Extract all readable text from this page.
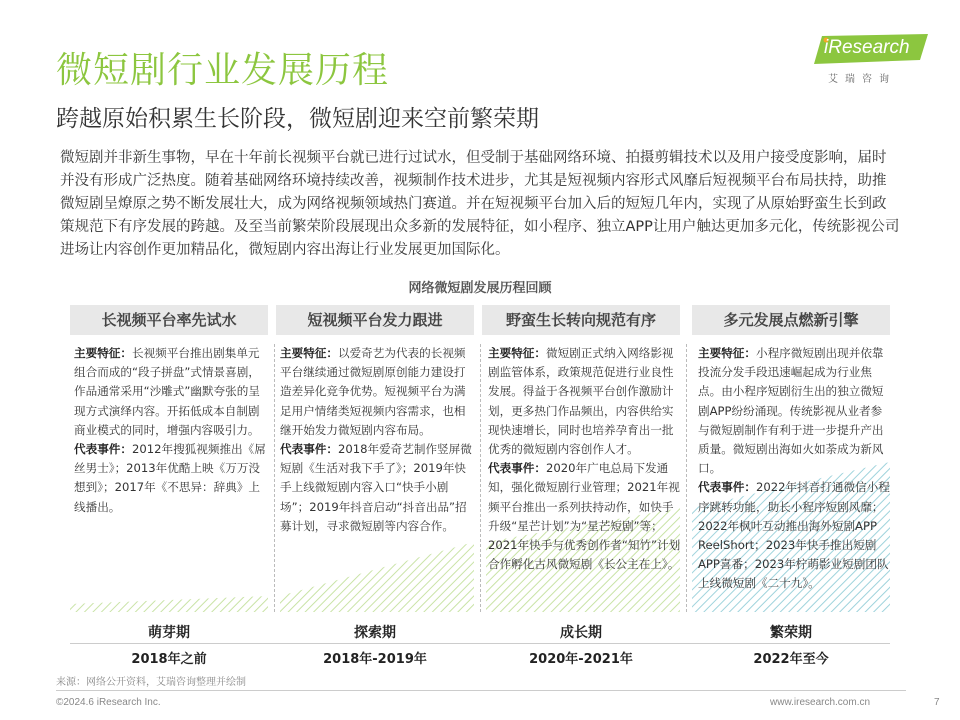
微短剧行业发展历程
跨越原始积累生长阶段，微短剧迎来空前繁荣期
iResearch
艾瑞咨询

微短剧并非新生事物，早在十年前长视频平台就已进行过试水，但受制于基础网络环境、拍摄剪辑技术以及用户接受度影响，届时并没有形成广泛热度。随着基础网络环境持续改善，视频制作技术进步，尤其是短视频内容形式风靡后短视频平台布局扶持，助推微短剧呈燎原之势不断发展壮大，成为网络视频领域热门赛道。并在短视频平台加入后的短短几年内，实现了从原始野蛮生长到政策规范下有序发展的跨越。及至当前繁荣阶段展现出众多新的发展特征，如小程序、独立APP让用户触达更加多元化，传统影视公司进场让内容创作更加精品化，微短剧内容出海让行业发展更加国际化。

网络微短剧发展历程回顾
长视频平台率先试水	短视频平台发力跟进	野蛮生长转向规范有序	多元发展点燃新引擎

主要特征：长视频平台推出剧集单元组合而成的“段子拼盘”式情景喜剧，作品通常采用“沙雕式”幽默夸张的呈现方式演绎内容。开拓低成本自制剧商业模式的同时，增强内容吸引力。

代表事件：2012年搜狐视频推出《屌丝男士》；2013年优酷上映《万万没想到》；2017年《不思异：辞典》上线播出。

主要特征：以爱奇艺为代表的长视频平台继续通过微短剧原创能力建设打造差异化竞争优势。短视频平台为满足用户情绪类短视频内容需求，也相继开始发力微短剧内容布局。

代表事件：2018年爱奇艺制作竖屏微短剧《生活对我下手了》；2019年快手上线微短剧内容入口“快手小剧场”；2019年抖音启动“抖音出品”招募计划，寻求微短剧等内容合作。

主要特征：微短剧正式纳入网络影视剧监管体系，政策规范促进行业良性发展。得益于各视频平台创作激励计划，更多热门作品频出，内容供给实现快速增长，同时也培养孕育出一批优秀的微短剧内容创作人才。

代表事件：2020年广电总局下发通知，强化微短剧行业管理；2021年视频平台推出一系列扶持动作，如快手升级“星芒计划”为“星芒短剧”等；2021年快手与优秀创作者“知竹”计划合作孵化古风微短剧《长公主在上》。

主要特征：小程序微短剧出现并依靠投流分发手段迅速崛起成为行业焦点。由小程序短剧衍生出的独立微短剧APP纷纷涌现。传统影视从业者参与微短剧制作有利于进一步提升产出质量。微短剧出海如火如荼成为新风口。

代表事件：2022年抖音打通微信小程序跳转功能，助长小程序短剧风靡；2022年枫叶互动推出海外短剧APP ReelShort；2023年快手推出短剧APP喜番；2023年柠萌影业短剧团队上线微短剧《二十九》。

萌芽期	探索期	成长期	繁荣期
2018年之前	2018年-2019年	2020年-2021年	2022年至今
来源：网络公开资料，艾瑞咨询整理并绘制
©2024.6 iResearch Inc.	www.iresearch.com.cn	7
